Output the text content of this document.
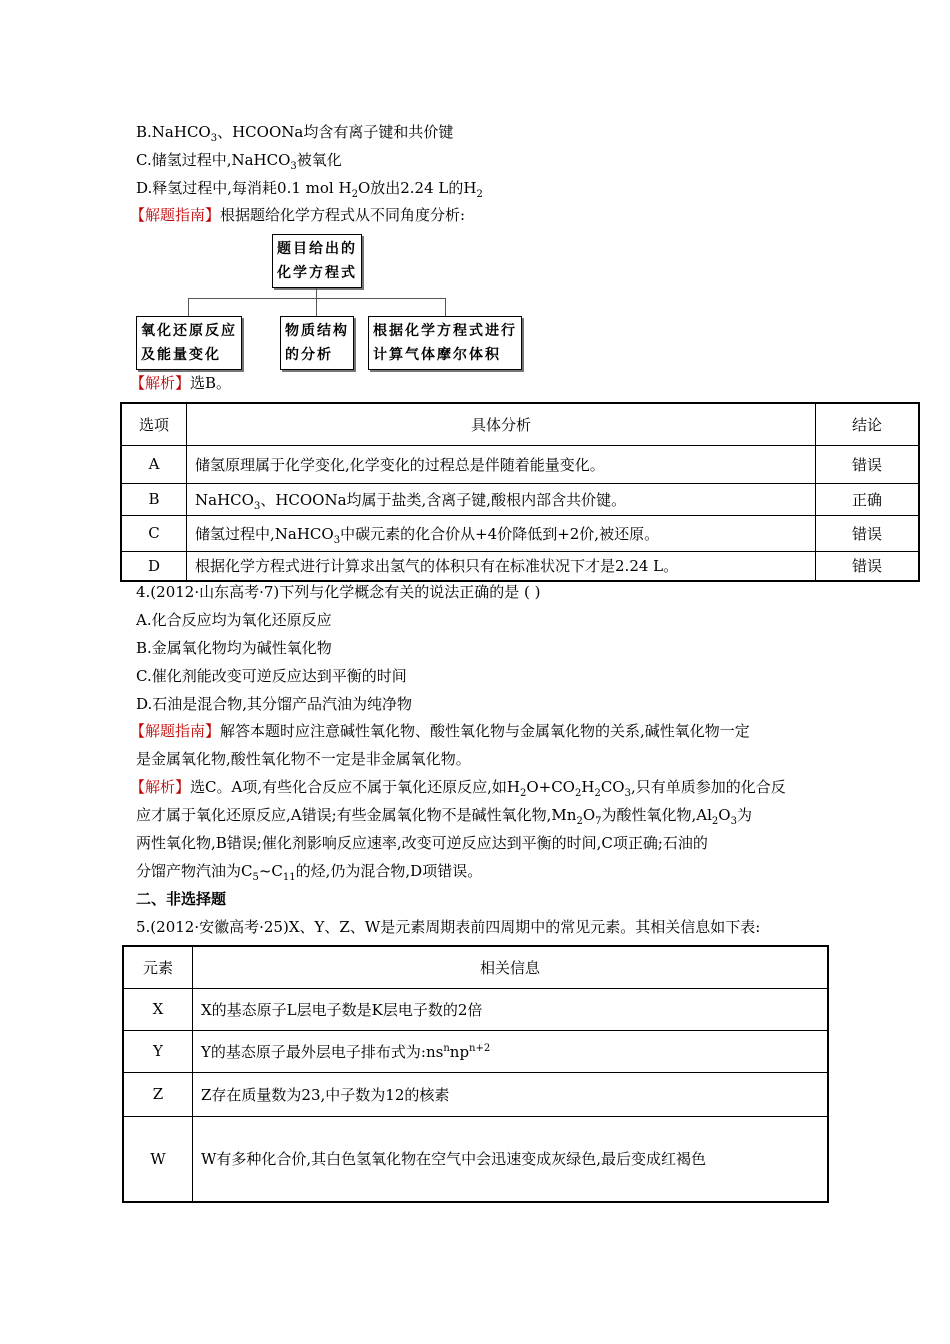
B.NaHCO$_3$、HCOONa均含有离子键和共价键
C.储氢过程中,NaHCO$_3$被氧化
D.释氢过程中,每消耗0.1 mol $H_2O$放出2.24 L的$H_2$
【解题指南】根据题给化学方程式从不同角度分析:
题目给出的
化学方程式
氧化还原反应
及能量变化
物质结构
的分析
根据化学方程式进行
计算气体摩尔体积
【解析】选B。
选项	具体分析	结论
A	储氢原理属于化学变化,化学变化的过程总是伴随着能量变化。	错误
B	NaHCO$_3$、HCOONa均属于盐类,含离子键,酸根内部含共价键。	正确
C	储氢过程中,NaHCO$_3$中碳元素的化合价从+4价降低到+2价,被还原。	错误
D	根据化学方程式进行计算求出氢气的体积只有在标准状况下才是2.24 L。	错误
4.(2012·山东高考·7)下列与化学概念有关的说法正确的是 ( )
A.化合反应均为氧化还原反应
B.金属氧化物均为碱性氧化物
C.催化剂能改变可逆反应达到平衡的时间
D.石油是混合物,其分馏产品汽油为纯净物
【解题指南】解答本题时应注意碱性氧化物、酸性氧化物与金属氧化物的关系,碱性氧化物一定
是金属氧化物,酸性氧化物不一定是非金属氧化物。
【解析】选C。A项,有些化合反应不属于氧化还原反应,如$H_2O+CO_2H_2CO_3$,只有单质参加的化合反
应才属于氧化还原反应,A错误;有些金属氧化物不是碱性氧化物$,Mn_2O_7$为酸性氧化物$,Al_2O_3$为
两性氧化物,B错误;催化剂影响反应速率,改变可逆反应达到平衡的时间,C项正确;石油的
分馏产物汽油为$C_5\sim C_{11}$的烃,仍为混合物,D项错误。
二、非选择题
5.(2012·安徽高考·25)X、Y、Z、W是元素周期表前四周期中的常见元素。其相关信息如下表:
元素	相关信息
X	X的基态原子L层电子数是K层电子数的2倍
Y	Y的基态原子最外层电子排布式为$:ns^nnp^{n+2}$
Z	Z存在质量数为23,中子数为12的核素
W	W有多种化合价,其白色氢氧化物在空气中会迅速变成灰绿色,最后变成红褐色
